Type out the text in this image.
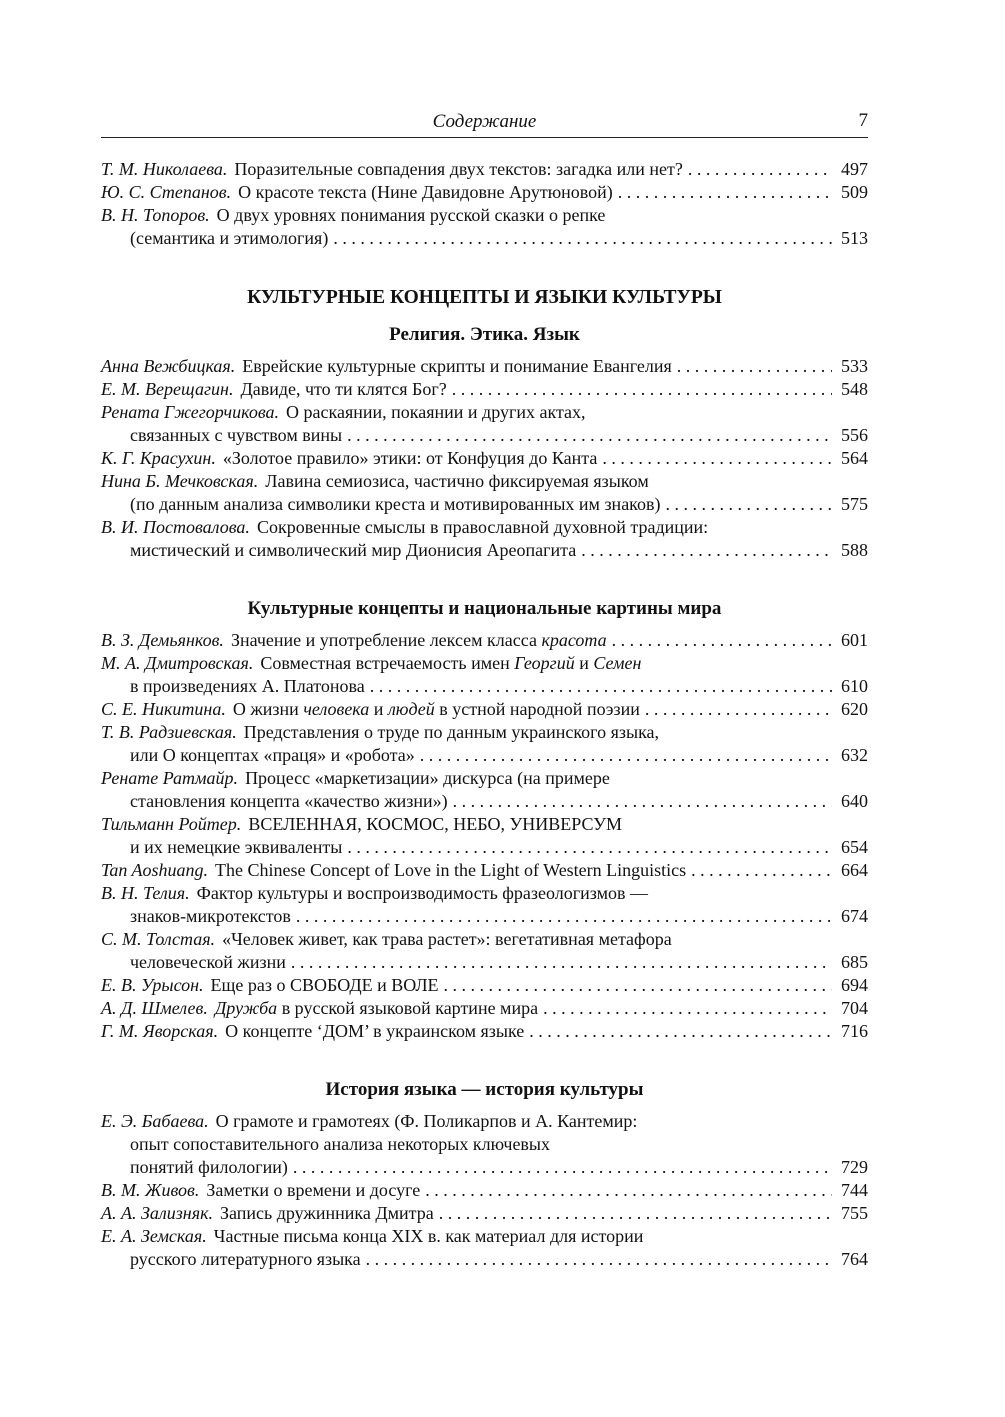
Содержание	7
Т. М. Николаева. Поразительные совпадения двух текстов: загадка или нет? . . .	497
Ю. С. Степанов. О красоте текста (Нине Давидовне Арутюновой) . . .	509
В. Н. Топоров. О двух уровнях понимания русской сказки о репке
(семантика и этимология) . . .	513
КУЛЬТУРНЫЕ КОНЦЕПТЫ И ЯЗЫКИ КУЛЬТУРЫ
Религия. Этика. Язык
Анна Вежбицкая. Еврейские культурные скрипты и понимание Евангелия . . .	533
Е. М. Верещагин. Давиде, что ти клятся Бог? . . .	548
Рената Гжегорчикова. О раскаянии, покаянии и других актах,
связанных с чувством вины . . .	556
К. Г. Красухин. «Золотое правило» этики: от Конфуция до Канта . . .	564
Нина Б. Мечковская. Лавина семиозиса, частично фиксируемая языком
(по данным анализа символики креста и мотивированных им знаков) . . .	575
В. И. Постовалова. Сокровенные смыслы в православной духовной традиции:
мистический и символический мир Дионисия Ареопагита . . .	588
Культурные концепты и национальные картины мира
В. З. Демьянков. Значение и употребление лексем класса красота . . .	601
М. А. Дмитровская. Совместная встречаемость имен Георгий и Семен
в произведениях А. Платонова . . .	610
С. Е. Никитина. О жизни человека и людей в устной народной поэзии . . .	620
Т. В. Радзиевская. Представления о труде по данным украинского языка,
или О концептах «праця» и «робота» . . .	632
Ренате Ратмайр. Процесс «маркетизации» дискурса (на примере
становления концепта «качество жизни») . . .	640
Тильманн Ройтер. ВСЕЛЕННАЯ, КОСМОС, НЕБО, УНИВЕРСУМ
и их немецкие эквиваленты . . .	654
Tan Aoshuang. The Chinese Concept of Love in the Light of Western Linguistics . . .	664
В. Н. Телия. Фактор культуры и воспроизводимость фразеологизмов —
знаков-микротекстов . . .	674
С. М. Толстая. «Человек живет, как трава растет»: вегетативная метафора
человеческой жизни . . .	685
Е. В. Урысон. Еще раз о СВОБОДЕ и ВОЛЕ . . .	694
А. Д. Шмелев. Дружба в русской языковой картине мира . . .	704
Г. М. Яворская. О концепте ‘ДОМ’ в украинском языке . . .	716
История языка — история культуры
Е. Э. Бабаева. О грамоте и грамотеях (Ф. Поликарпов и А. Кантемир:
опыт сопоставительного анализа некоторых ключевых
понятий филологии) . . .	729
В. М. Живов. Заметки о времени и досуге . . .	744
А. А. Зализняк. Запись дружинника Дмитра . . .	755
Е. А. Земская. Частные письма конца XIX в. как материал для истории
русского литературного языка . . .	764
